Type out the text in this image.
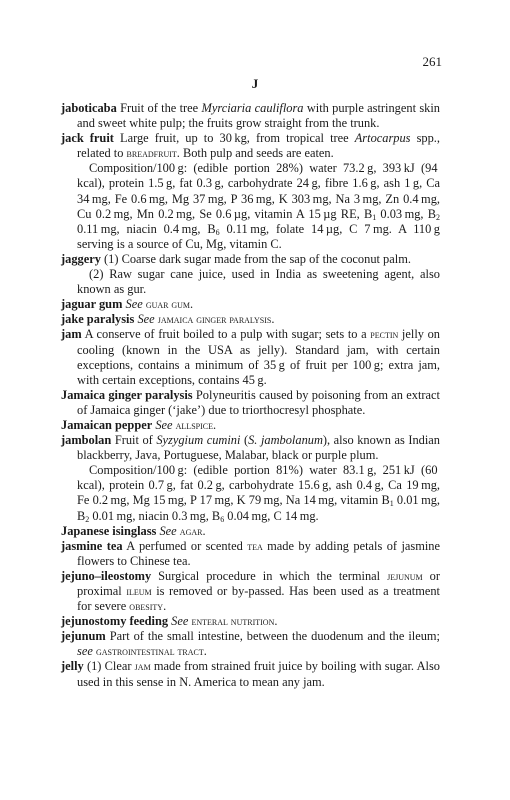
261
J

jaboticaba Fruit of the tree Myrciaria cauliflora with purple astringent skin and sweet white pulp; the fruits grow straight from the trunk.

jack fruit Large fruit, up to 30 kg, from tropical tree Artocarpus spp., related to breadfruit. Both pulp and seeds are eaten.

Composition/100 g: (edible portion 28%) water 73.2 g, 393 kJ (94 kcal), protein 1.5 g, fat 0.3 g, carbohydrate 24 g, fibre 1.6 g, ash 1 g, Ca 34 mg, Fe 0.6 mg, Mg 37 mg, P 36 mg, K 303 mg, Na 3 mg, Zn 0.4 mg, Cu 0.2 mg, Mn 0.2 mg, Se 0.6 µg, vitamin A 15 µg RE, $B_1$ 0.03 mg, $B_2$ 0.11 mg, niacin 0.4 mg, $B_6$ 0.11 mg, folate 14 µg, C 7 mg. A 110 g serving is a source of Cu, Mg, vitamin C.

jaggery (1) Coarse dark sugar made from the sap of the coconut palm.

(2) Raw sugar cane juice, used in India as sweetening agent, also known as gur.

jaguar gum See guar gum.

jake paralysis See jamaica ginger paralysis.

jam A conserve of fruit boiled to a pulp with sugar; sets to a pectin jelly on cooling (known in the USA as jelly). Standard jam, with certain exceptions, contains a minimum of 35 g of fruit per 100 g; extra jam, with certain exceptions, contains 45 g.

Jamaica ginger paralysis Polyneuritis caused by poisoning from an extract of Jamaica ginger (‘jake’) due to triorthocresyl phosphate.

Jamaican pepper See allspice.

jambolan Fruit of Syzygium cumini (S. jambolanum), also known as Indian blackberry, Java, Portuguese, Malabar, black or purple plum.

Composition/100 g: (edible portion 81%) water 83.1 g, 251 kJ (60 kcal), protein 0.7 g, fat 0.2 g, carbohydrate 15.6 g, ash 0.4 g, Ca 19 mg, Fe 0.2 mg, Mg 15 mg, P 17 mg, K 79 mg, Na 14 mg, vitamin $B_1$ 0.01 mg, $B_2$ 0.01 mg, niacin 0.3 mg, $B_6$ 0.04 mg, C 14 mg.

Japanese isinglass See agar.

jasmine tea A perfumed or scented tea made by adding petals of jasmine flowers to Chinese tea.

jejuno–ileostomy Surgical procedure in which the terminal jejunum or proximal ileum is removed or by-passed. Has been used as a treatment for severe obesity.

jejunostomy feeding See enteral nutrition.

jejunum Part of the small intestine, between the duodenum and the ileum; see gastrointestinal tract.

jelly (1) Clear jam made from strained fruit juice by boiling with sugar. Also used in this sense in N. America to mean any jam.
